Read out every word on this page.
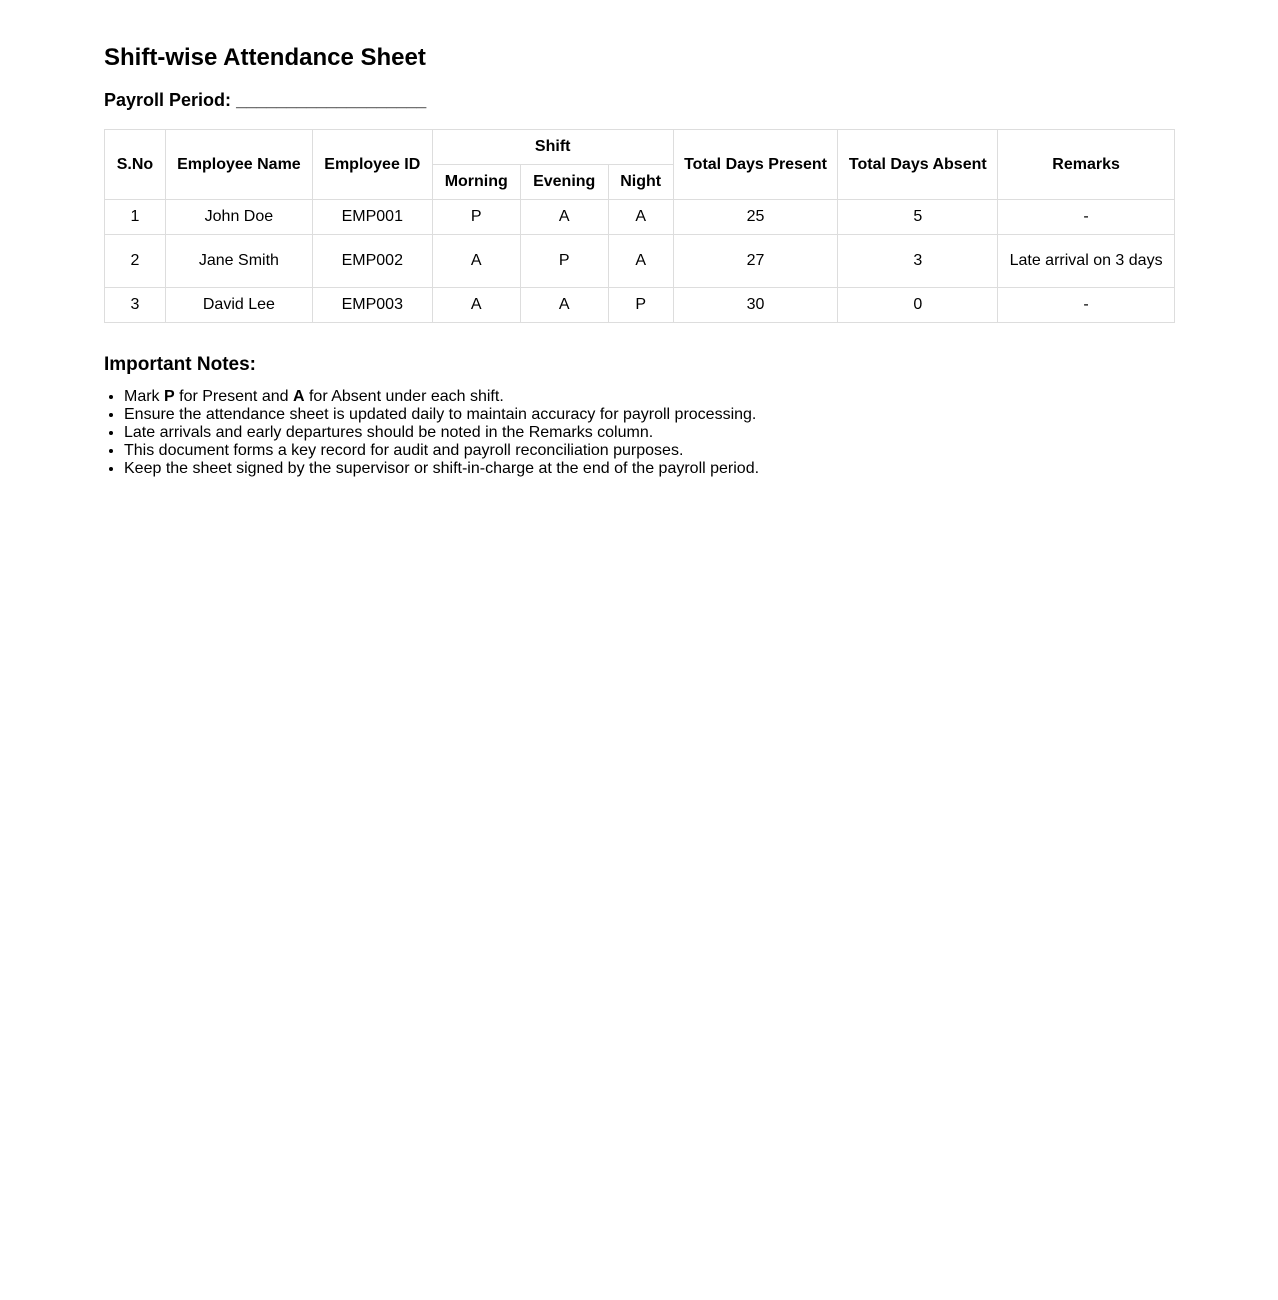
Shift-wise Attendance Sheet
Payroll Period: ___________________
S.No	Employee Name	Employee ID	Shift			Total Days Present	Total Days Absent	Remarks
			Morning	Evening	Night			
1	John Doe	EMP001	P	A	A	25	5	-
2	Jane Smith	EMP002	A	P	A	27	3	Late arrival on 3 days
3	David Lee	EMP003	A	A	P	30	0	-
Important Notes:
• Mark P for Present and A for Absent under each shift.
• Ensure the attendance sheet is updated daily to maintain accuracy for payroll processing.
• Late arrivals and early departures should be noted in the Remarks column.
• This document forms a key record for audit and payroll reconciliation purposes.
• Keep the sheet signed by the supervisor or shift-in-charge at the end of the payroll period.
